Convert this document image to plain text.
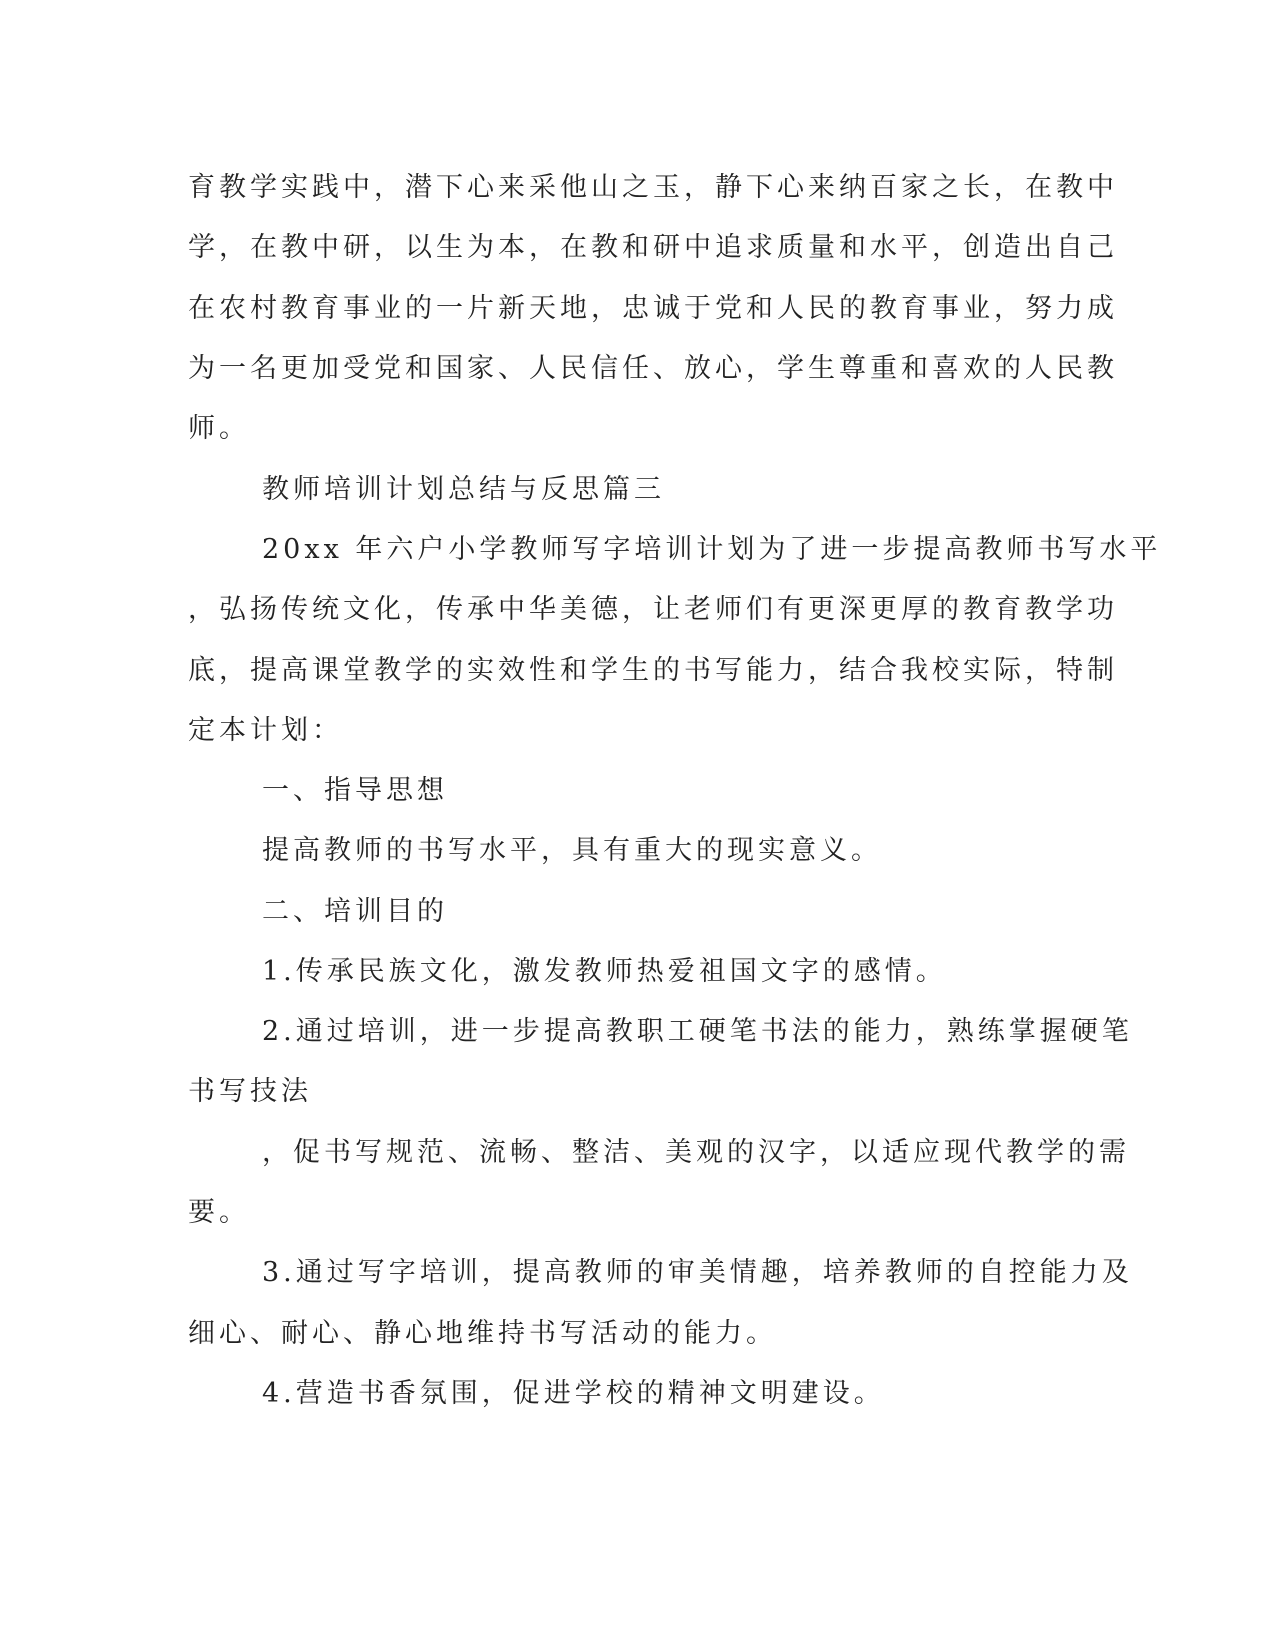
育教学实践中，潜下心来采他山之玉，静下心来纳百家之长，在教中
学，在教中研，以生为本，在教和研中追求质量和水平，创造出自己
在农村教育事业的一片新天地，忠诚于党和人民的教育事业，努力成
为一名更加受党和国家、人民信任、放心，学生尊重和喜欢的人民教
师。
教师培训计划总结与反思篇三
20xx 年六户小学教师写字培训计划为了进一步提高教师书写水平
，弘扬传统文化，传承中华美德，让老师们有更深更厚的教育教学功
底，提高课堂教学的实效性和学生的书写能力，结合我校实际，特制
定本计划：
一、指导思想
提高教师的书写水平，具有重大的现实意义。
二、培训目的
1.传承民族文化，激发教师热爱祖国文字的感情。
2.通过培训，进一步提高教职工硬笔书法的能力，熟练掌握硬笔
书写技法
，促书写规范、流畅、整洁、美观的汉字，以适应现代教学的需
要。
3.通过写字培训，提高教师的审美情趣，培养教师的自控能力及
细心、耐心、静心地维持书写活动的能力。
4.营造书香氛围，促进学校的精神文明建设。
